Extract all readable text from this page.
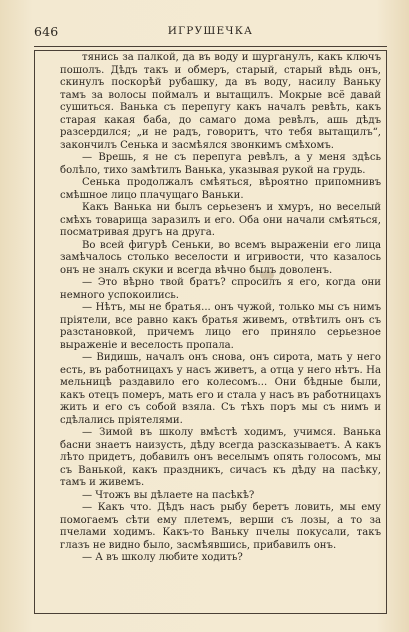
646	ИГРУШЕЧКА

тянись за палкой, да въ воду и шурганулъ, какъ ключъ пошолъ. Дѣдъ такъ и обмеръ, старый, старый вѣдь онъ, скинулъ поскорѣй рубашку, да въ воду, насилу Ваньку тамъ за волосы поймалъ и вытащилъ. Мокрые всё давай сушиться. Ванька съ перепугу какъ началъ ревѣть, какъ старая какая баба, до самаго дома ревѣлъ, ашь дѣдъ разсердился; „и не радъ, говоритъ, что тебя вытащилъ“, закончилъ Сенька и засмѣялся звонкимъ смѣхомъ.

— Врешь, я не съ перепуга ревѣлъ, а у меня здѣсь болѣло, тихо замѣтилъ Ванька, указывая рукой на грудь.

Сенька продолжалъ смѣяться, вѣроятно припомнивъ смѣшное лицо плачущаго Ваньки.

Какъ Ванька ни былъ серьезенъ и хмуръ, но веселый смѣхъ товарища заразилъ и его. Оба они начали смѣяться, посматривая другъ на друга.

Во всей фигурѣ Сеньки, во всемъ выраженіи его лица замѣчалось столько веселости и игривости, что казалось онъ не зналъ скуки и всегда вѣчно былъ доволенъ.

— Это вѣрно твой братъ? спросилъ я его, когда они немного успокоились.

— Нѣтъ, мы не братья... онъ чужой, только мы съ нимъ пріятели, все равно какъ братья живемъ, отвѣтилъ онъ съ разстановкой, причемъ лицо его приняло серьезное выраженіе и веселость пропала.

— Видишь, началъ онъ снова, онъ сирота, мать у него есть, въ работницахъ у насъ живетъ, а отца у него нѣтъ. На мельницѣ раздавило его колесомъ... Они бѣдные были, какъ отецъ померъ, мать его и стала у насъ въ работницахъ жить и его съ собой взяла. Съ тѣхъ поръ мы съ нимъ и сдѣлались пріятелями.

— Зимой въ школу вмѣстѣ ходимъ, учимся. Ванька басни знаетъ наизусть, дѣду всегда разсказываетъ. А какъ лѣто придетъ, добавилъ онъ веселымъ опять голосомъ, мы съ Ванькой, какъ праздникъ, сичасъ къ дѣду на пасѣку, тамъ и живемъ.

— Чтожъ вы дѣлаете на пасѣкѣ?

— Какъ что. Дѣдъ насъ рыбу беретъ ловить, мы ему помогаемъ сѣти ему плетемъ, верши съ лозы, а то за пчелами ходимъ. Какъ-то Ваньку пчелы покусали, такъ глазъ не видно было, засмѣявшись, прибавилъ онъ.

— А въ школу любите ходить?
